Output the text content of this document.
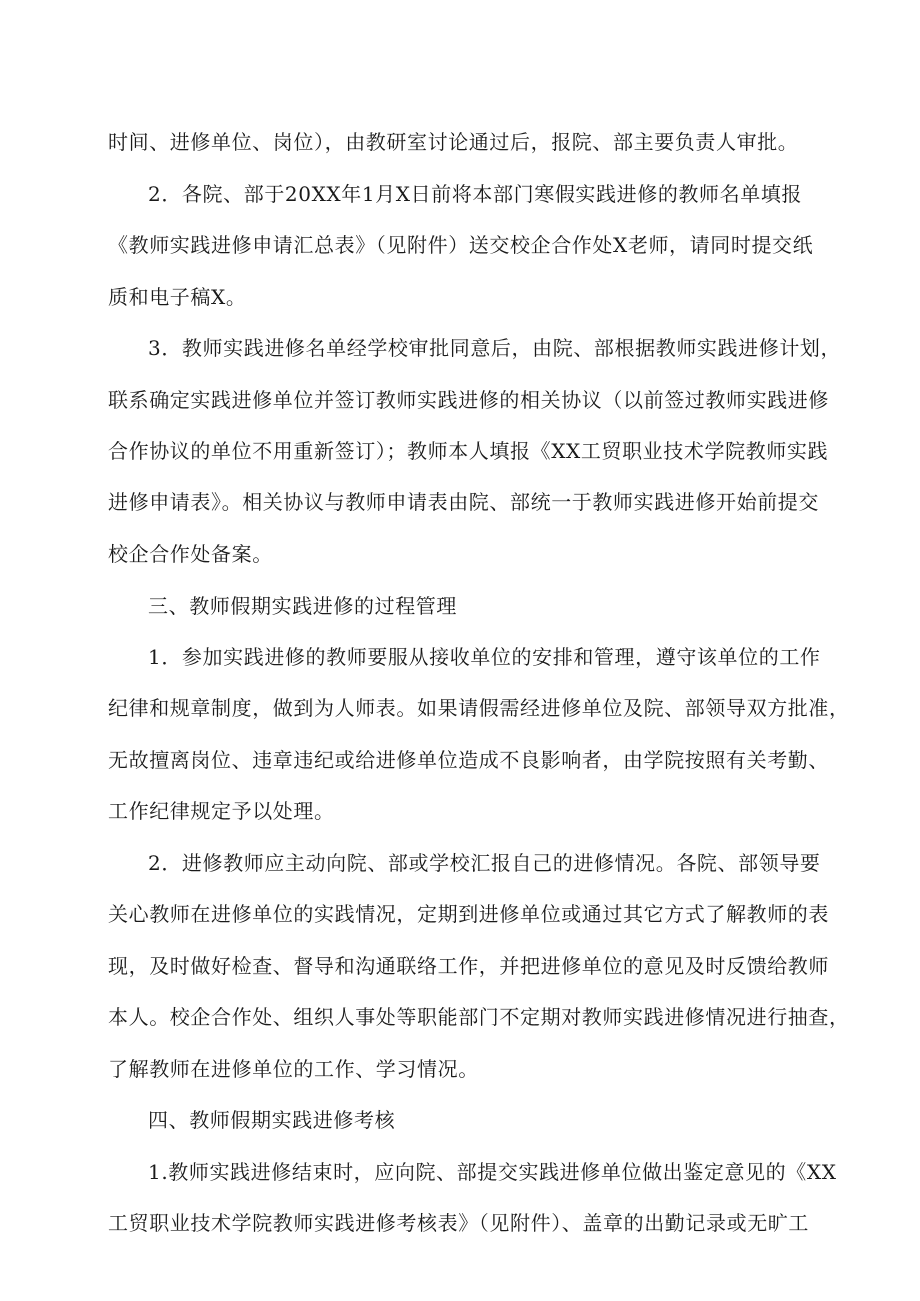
时间、进修单位、岗位），由教研室讨论通过后，报院、部主要负责人审批。
2．各院、部于20XX年1月X日前将本部门寒假实践进修的教师名单填报
《教师实践进修申请汇总表》（见附件）送交校企合作处X老师，请同时提交纸
质和电子稿X。
3．教师实践进修名单经学校审批同意后，由院、部根据教师实践进修计划，
联系确定实践进修单位并签订教师实践进修的相关协议（以前签过教师实践进修
合作协议的单位不用重新签订）；教师本人填报《XX工贸职业技术学院教师实践
进修申请表》。相关协议与教师申请表由院、部统一于教师实践进修开始前提交
校企合作处备案。
三、教师假期实践进修的过程管理
1．参加实践进修的教师要服从接收单位的安排和管理，遵守该单位的工作
纪律和规章制度，做到为人师表。如果请假需经进修单位及院、部领导双方批准，
无故擅离岗位、违章违纪或给进修单位造成不良影响者，由学院按照有关考勤、
工作纪律规定予以处理。
2．进修教师应主动向院、部或学校汇报自己的进修情况。各院、部领导要
关心教师在进修单位的实践情况，定期到进修单位或通过其它方式了解教师的表
现，及时做好检查、督导和沟通联络工作，并把进修单位的意见及时反馈给教师
本人。校企合作处、组织人事处等职能部门不定期对教师实践进修情况进行抽查，
了解教师在进修单位的工作、学习情况。
四、教师假期实践进修考核
1.教师实践进修结束时，应向院、部提交实践进修单位做出鉴定意见的《XX
工贸职业技术学院教师实践进修考核表》（见附件）、盖章的出勤记录或无旷工
